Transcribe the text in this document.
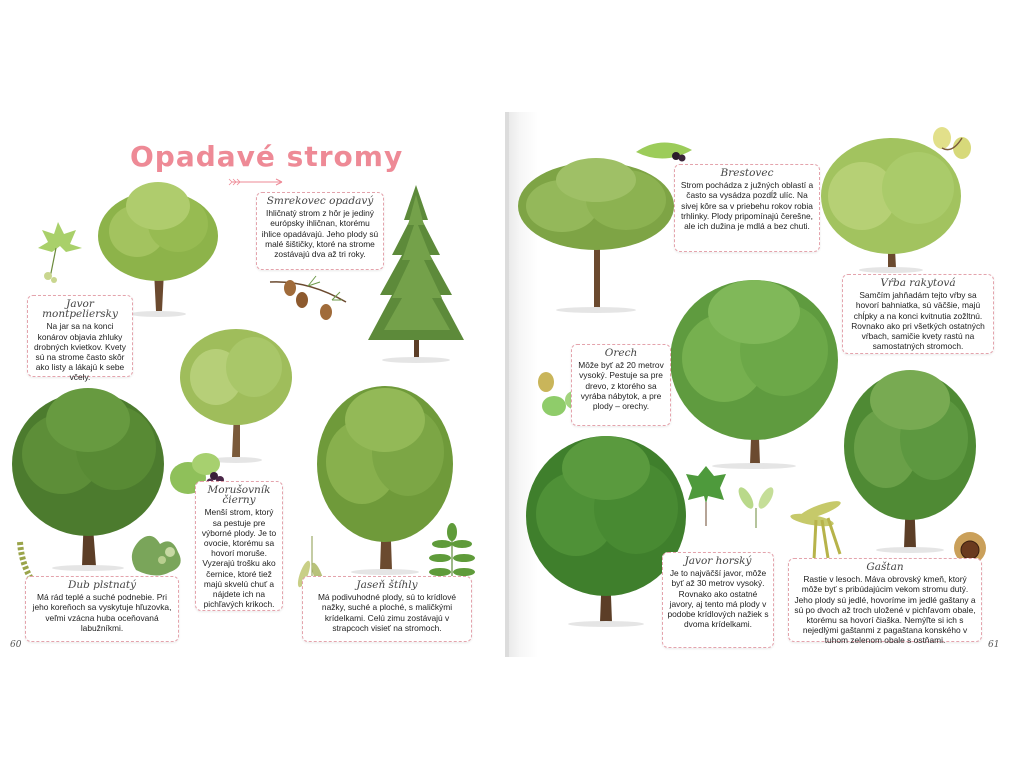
Opadavé stromy
Javor montpeliersky

Na jar sa na konci konárov objavia zhluky drobných kvietkov. Kvety sú na strome často skôr ako listy a lákajú k sebe včely.

Smrekovec opadavý

Ihličnatý strom z hôr je jediný európsky ihličnan, ktorému ihlice opadávajú. Jeho plody sú malé šištičky, ktoré na strome zostávajú dva až tri roky.

Morušovník čierny

Menší strom, ktorý sa pestuje pre výborné plody. Je to ovocie, ktorému sa hovorí moruše. Vyzerajú trošku ako černice, ktoré tiež majú skvelú chuť a nájdete ich na pichľavých krikoch.

Dub plstnatý

Má rád teplé a suché podnebie. Pri jeho koreňoch sa vyskytuje hľuzovka, veľmi vzácna huba oceňovaná labužníkmi.

Jaseň štíhly

Má podivuhodné plody, sú to krídlové nažky, suché a ploché, s maličkými krídelkami. Celú zimu zostávajú v strapcoch visieť na stromoch.

60
Brestovec

Strom pochádza z južných oblastí a často sa vysádza pozdĺž ulíc. Na sivej kôre sa v priebehu rokov robia trhlinky. Plody pripomínajú čerešne, ale ich dužina je mdlá a bez chuti.

Vŕba rakytová

Samčím jahňadám tejto vŕby sa hovorí bahniatka, sú väčšie, majú chĺpky a na konci kvitnutia zožltnú. Rovnako ako pri všetkých ostatných vŕbach, samičie kvety rastú na samostatných stromoch.

Orech

Môže byť až 20 metrov vysoký. Pestuje sa pre drevo, z ktorého sa vyrába nábytok, a pre plody – orechy.

Javor horský

Je to najväčší javor, môže byť až 30 metrov vysoký. Rovnako ako ostatné javory, aj tento má plody v podobe krídlových nažiek s dvoma krídelkami.

Gaštan

Rastie v lesoch. Máva obrovský kmeň, ktorý môže byť s pribúdajúcim vekom stromu dutý. Jeho plody sú jedlé, hovoríme im jedlé gaštany a sú po dvoch až troch uložené v pichľavom obale, ktorému sa hovorí čiaška. Nemýľte si ich s nejedlými gaštanmi z pagaštana konského v tuhom zelenom obale s ostňami.	61
